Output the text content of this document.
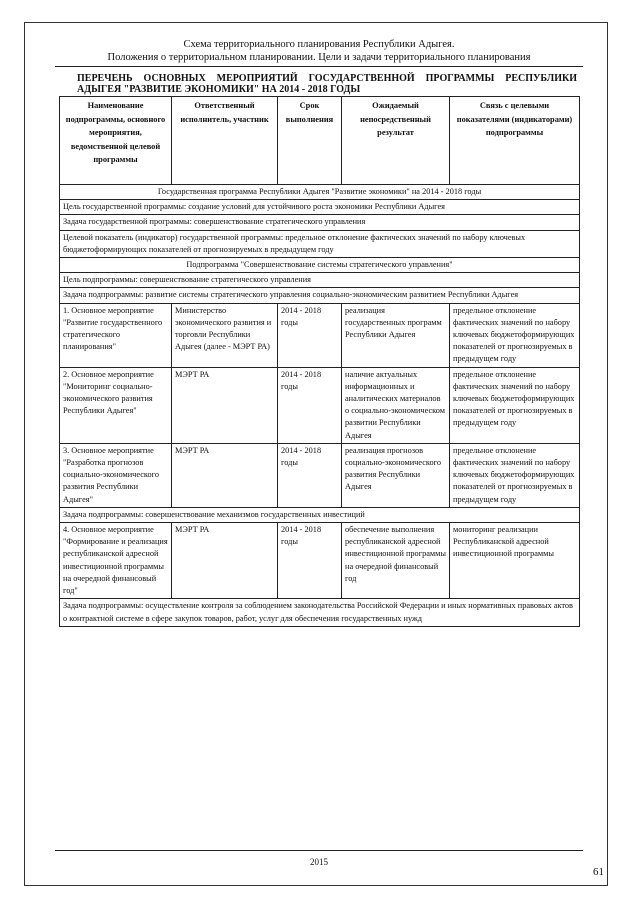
Схема территориального планирования Республики Адыгея.
Положения о территориальном планировании. Цели и задачи территориального планирования
ПЕРЕЧЕНЬ ОСНОВНЫХ МЕРОПРИЯТИЙ ГОСУДАРСТВЕННОЙ ПРОГРАММЫ РЕСПУБЛИКИ АДЫГЕЯ "РАЗВИТИЕ ЭКОНОМИКИ" НА 2014 - 2018 ГОДЫ
Наименование подпрограммы, основного мероприятия, ведомственной целевой программы	Ответственный исполнитель, участник	Срок выполнения	Ожидаемый непосредственный результат	Связь с целевыми показателями (индикаторами) подпрограммы
Государственная программа Республики Адыгея "Развитие экономики" на 2014 - 2018 годы				
Цель государственной программы: создание условий для устойчивого роста экономики Республики Адыгея				
Задача государственной программы: совершенствование стратегического управления				
Целевой показатель (индикатор) государственной программы: предельное отклонение фактических значений по набору ключевых бюджетоформирующих показателей от прогнозируемых в предыдущем году				
Подпрограмма "Совершенствование системы стратегического управления"				
Цель подпрограммы: совершенствование стратегического управления				
Задача подпрограммы: развитие системы стратегического управления социально-экономическим развитием Республики Адыгея				
1. Основное мероприятие "Развитие государственного стратегического планирования"	Министерство экономического развития и торговли Республики Адыгея (далее - МЭРТ РА)	2014 - 2018 годы	реализация государственных программ Республики Адыгея	предельное отклонение фактических значений по набору ключевых бюджетоформирующих показателей от прогнозируемых в предыдущем году
2. Основное мероприятие "Мониторинг социально-экономического развития Республики Адыгея"	МЭРТ РА	2014 - 2018 годы	наличие актуальных информационных и аналитических материалов о социально-экономическом развитии Республики Адыгея	предельное отклонение фактических значений по набору ключевых бюджетоформирующих показателей от прогнозируемых в предыдущем году
3. Основное мероприятие "Разработка прогнозов социально-экономического развития Республики Адыгея"	МЭРТ РА	2014 - 2018 годы	реализация прогнозов социально-экономического развития Республики Адыгея	предельное отклонение фактических значений по набору ключевых бюджетоформирующих показателей от прогнозируемых в предыдущем году
Задача подпрограммы: совершенствование механизмов государственных инвестиций				
4. Основное мероприятие "Формирование и реализация республиканской адресной инвестиционной программы на очередной финансовый год"	МЭРТ РА	2014 - 2018 годы	обеспечение выполнения республиканской адресной инвестиционной программы на очередной финансовый год	мониторинг реализации Республиканской адресной инвестиционной программы
Задача подпрограммы: осуществление контроля за соблюдением законодательства Российской Федерации и иных нормативных правовых актов о контрактной системе в сфере закупок товаров, работ, услуг для обеспечения государственных нужд				
2015
61
